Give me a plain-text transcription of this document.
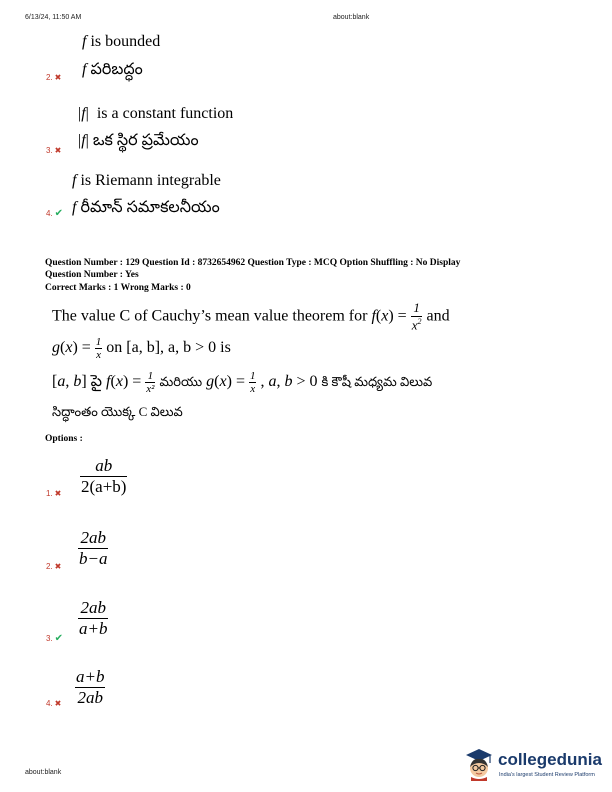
6/13/24, 11:50 AM	about:blank
f is bounded
2. ✖ f పరిబద్ధం
|f|  is a constant function
3. ✖
|f| ఒక స్థిర ప్రమేయం
f is Riemann integrable
4. ✔ f రీమాన్ సమాకలనీయం
Question Number : 129 Question Id : 8732654962 Question Type : MCQ Option Shuffling : No Display
Question Number : Yes
Correct Marks : 1 Wrong Marks : 0
The value C of Cauchy’s mean value theorem for $f(x) = \frac{1}{x^2}$ and
$g(x) = \frac{1}{x}$ on [a, b], a, b > 0 is
[a, b] పై $f(x) = \frac{1}{\text{x²}}$ మరియు $g(x) = \frac{1}{x}$ , a, b > 0 కి కౌషీ మధ్యమ విలువ
సిద్ధాంతం యొక్క C విలువ
Options :
1. ✖ $\frac{ab}{2(a+b)}$
2. ✖ $\frac{2ab}{b-a}$
3. ✔ $\frac{2ab}{a+b}$
4. ✖ $\frac{a+b}{2ab}$
about:blank
collegedunia
India's largest Student Review Platform
